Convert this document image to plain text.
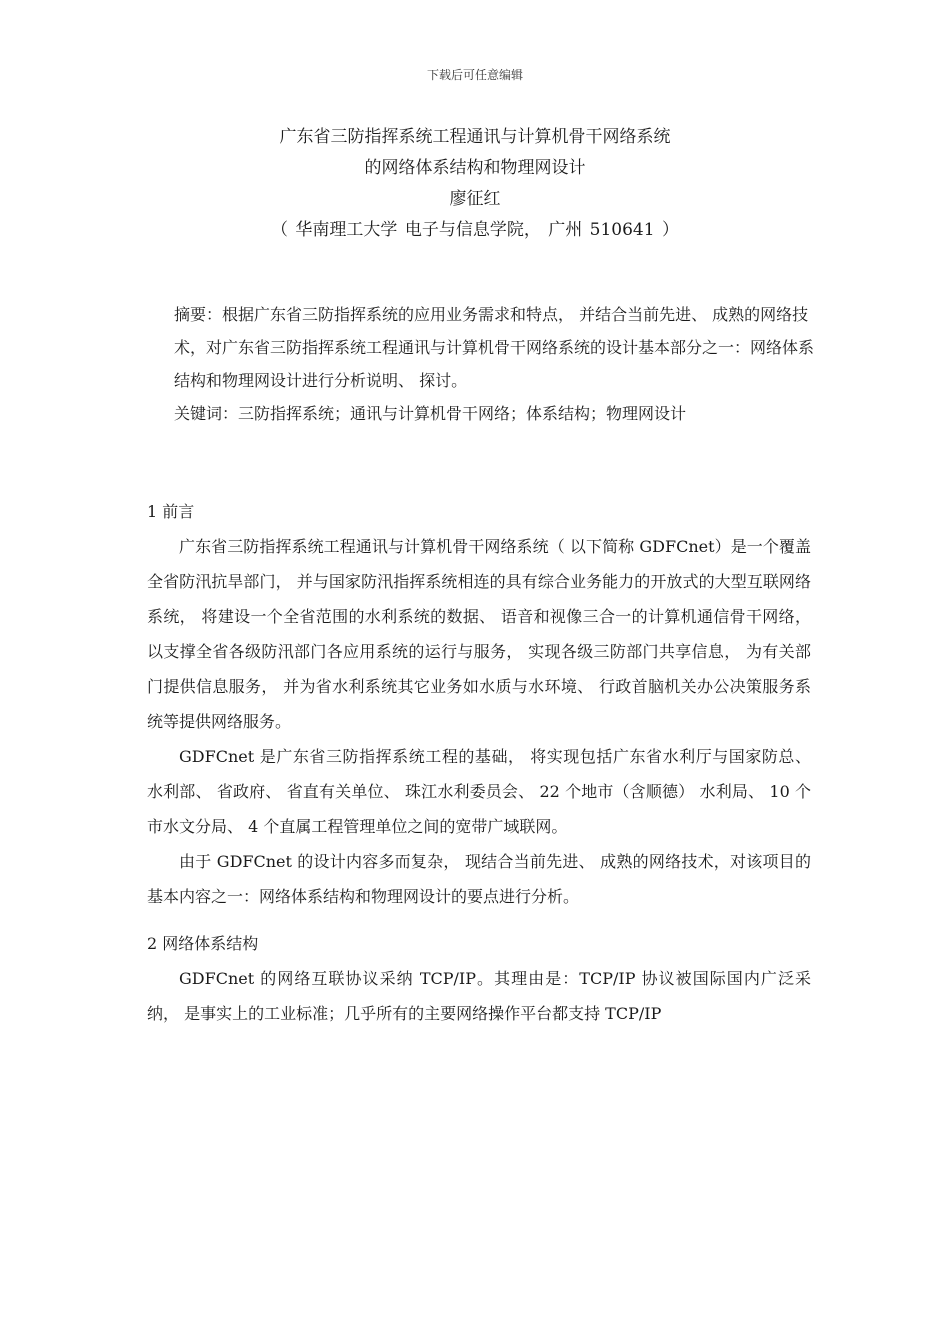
下载后可任意编辑
广东省三防指挥系统工程通讯与计算机骨干网络系统
的网络体系结构和物理网设计
廖征红
（ 华南理工大学 电子与信息学院， 广州 510641 ）

摘要：根据广东省三防指挥系统的应用业务需求和特点， 并结合当前先进、 成熟的网络技术，对广东省三防指挥系统工程通讯与计算机骨干网络系统的设计基本部分之一：网络体系结构和物理网设计进行分析说明、 探讨。

关键词：三防指挥系统；通讯与计算机骨干网络；体系结构；物理网设计

1 前言

广东省三防指挥系统工程通讯与计算机骨干网络系统（ 以下简称 GDFCnet）是一个覆盖全省防汛抗旱部门， 并与国家防汛指挥系统相连的具有综合业务能力的开放式的大型互联网络系统， 将建设一个全省范围的水利系统的数据、 语音和视像三合一的计算机通信骨干网络， 以支撑全省各级防汛部门各应用系统的运行与服务， 实现各级三防部门共享信息， 为有关部门提供信息服务， 并为省水利系统其它业务如水质与水环境、 行政首脑机关办公决策服务系统等提供网络服务。

GDFCnet 是广东省三防指挥系统工程的基础， 将实现包括广东省水利厅与国家防总、 水利部、 省政府、 省直有关单位、 珠江水利委员会、 22 个地市（含顺德） 水利局、 10 个市水文分局、 4 个直属工程管理单位之间的宽带广域联网。

由于 GDFCnet 的设计内容多而复杂， 现结合当前先进、 成熟的网络技术，对该项目的基本内容之一：网络体系结构和物理网设计的要点进行分析。

2 网络体系结构

GDFCnet 的网络互联协议采纳 TCP/IP。其理由是：TCP/IP 协议被国际国内广泛采纳， 是事实上的工业标准；几乎所有的主要网络操作平台都支持 TCP/IP
